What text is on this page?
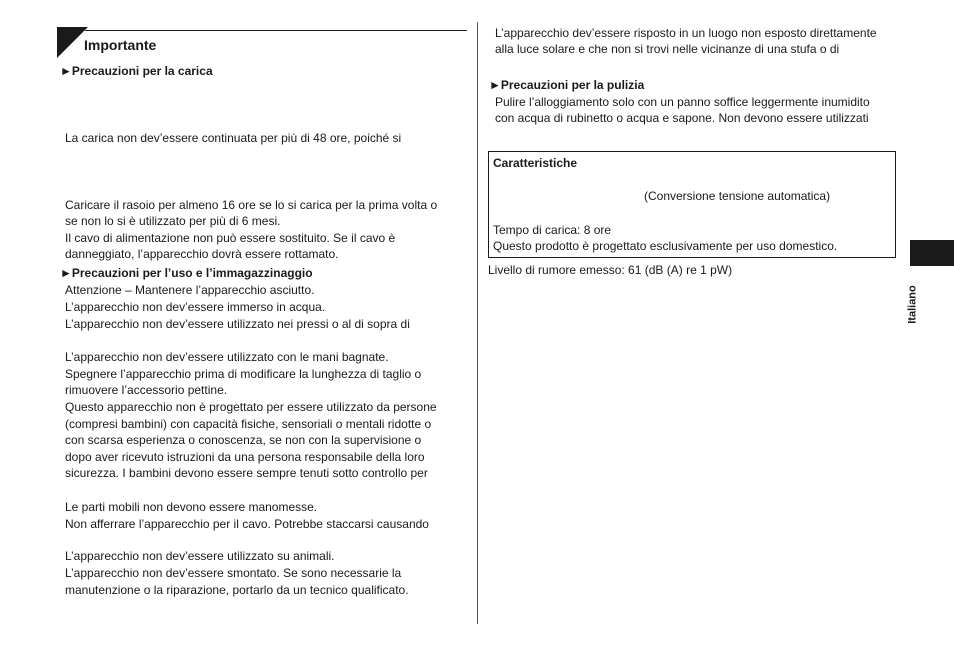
Importante
►Precauzioni per la carica
La carica non dev’essere continuata per più di 48 ore, poiché si
Caricare il rasoio per almeno 16 ore se lo si carica per la prima volta o
se non lo si è utilizzato per più di 6 mesi.
Il cavo di alimentazione non può essere sostituito. Se il cavo è
danneggiato, l’apparecchio dovrà essere rottamato.
►Precauzioni per l’uso e l’immagazzinaggio
Attenzione – Mantenere l’apparecchio asciutto.
L’apparecchio non dev’essere immerso in acqua.
L’apparecchio non dev’essere utilizzato nei pressi o al di sopra di
L’apparecchio non dev’essere utilizzato con le mani bagnate.
Spegnere l’apparecchio prima di modificare la lunghezza di taglio o
rimuovere l’accessorio pettine.
Questo apparecchio non è progettato per essere utilizzato da persone
(compresi bambini) con capacità fisiche, sensoriali o mentali ridotte o
con scarsa esperienza o conoscenza, se non con la supervisione o
dopo aver ricevuto istruzioni da una persona responsabile della loro
sicurezza. I bambini devono essere sempre tenuti sotto controllo per
Le parti mobili non devono essere manomesse.
Non afferrare l’apparecchio per il cavo. Potrebbe staccarsi causando
L’apparecchio non dev’essere utilizzato su animali.
L’apparecchio non dev’essere smontato. Se sono necessarie la
manutenzione o la riparazione, portarlo da un tecnico qualificato.
L’apparecchio dev’essere risposto in un luogo non esposto direttamente
alla luce solare e che non si trovi nelle vicinanze di una stufa o di
►Precauzioni per la pulizia
Pulire l’alloggiamento solo con un panno soffice leggermente inumidito
con acqua di rubinetto o acqua e sapone. Non devono essere utilizzati
Caratteristiche
(Conversione tensione automatica)
Tempo di carica: 8 ore
Questo prodotto è progettato esclusivamente per uso domestico.
Livello di rumore emesso: 61 (dB (A) re 1 pW)
Italiano
